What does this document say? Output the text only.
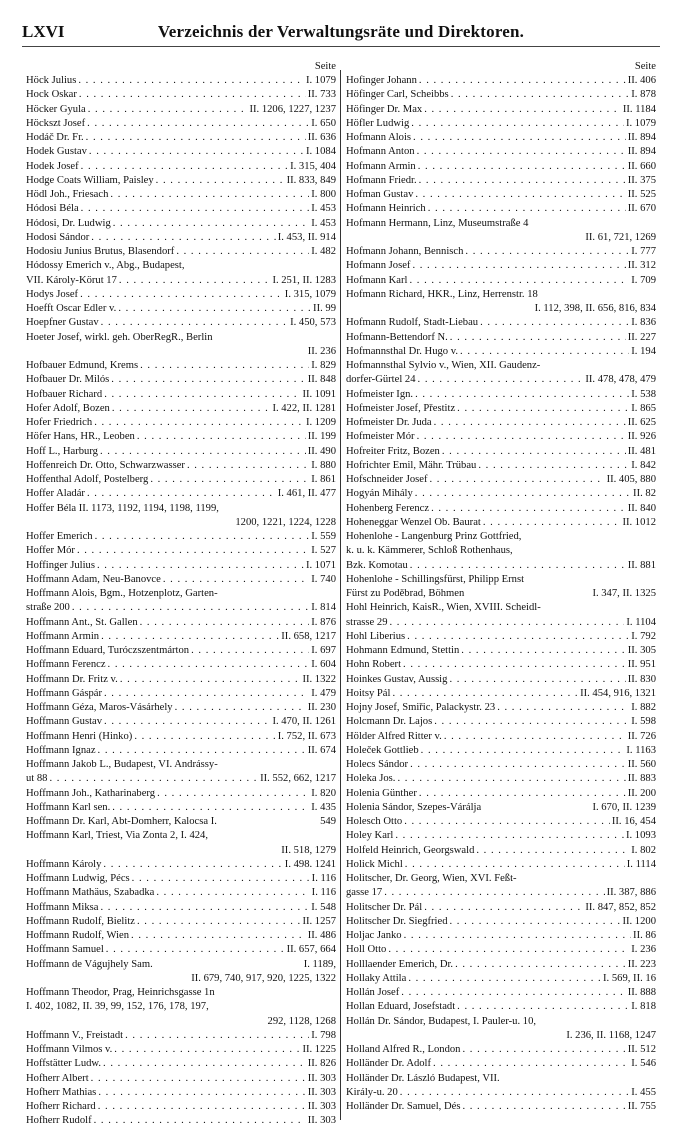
LXVI	Verzeichnis der Verwaltungsräte und Direktoren.
Seite
Höck Julius . . .	I. 1079
Hock Oskar . . .	II. 733
Höcker Gyula . . .	II. 1206, 1227, 1237
Höckszt Josef . . .	I. 650
Hodáč Dr. Fr. . . .	II. 636
Hodek Gustav . . .	I. 1084
Hodek Josef . . .	I. 315, 404
Hodge Coats William, Paisley . . .	II. 833, 849
Hödl Joh., Friesach . . .	I. 800
Hódosi Béla . . .	I. 453
Hódosi, Dr. Ludwig . . .	I. 453
Hodosi Sándor . . .	I. 453, II. 914
Hodosiu Junius Brutus, Blasendorf . . .	I. 482
Hódossy Emerich v., Abg., Budapest,
VII. Károly-Körut 17 . . .	I. 251, II. 1283
Hodys Josef . . .	I. 315, 1079
Hoefft Oscar Edler v. . . .	II. 99
Hoepfner Gustav . . .	I. 450, 573
Hoeter Josef, wirkl. geh. OberRegR., Berlin
II. 236
Hofbauer Edmund, Krems . . .	I. 829
Hofbauer Dr. Milós . . .	II. 848
Hofbauer Richard . . .	II. 1091
Hofer Adolf, Bozen . . .	I. 422, II. 1281
Hofer Friedrich . . .	I. 1209
Höfer Hans, HR., Leoben . . .	II. 199
Hoff L., Harburg . . .	II. 490
Hoffenreich Dr. Otto, Schwarzwasser . . .	I. 880
Hoffenthal Adolf, Postelberg . . .	I. 861
Hoffer Aladár . . .	I. 461, II. 477
Hoffer Béla II. 1173, 1192, 1194, 1198, 1199,
1200, 1221, 1224, 1228
Hoffer Emerich . . .	I. 559
Hoffer Mór . . .	I. 527
Hoffinger Julius . . .	I. 1071
Hoffmann Adam, Neu-Banovce . . .	I. 740
Hoffmann Alois, Bgm., Hotzenplotz, Garten-
straße 200 . . .	I. 814
Hoffmann Ant., St. Gallen . . .	I. 876
Hoffmann Armin . . .	II. 658, 1217
Hoffmann Eduard, Turóczszentmárton . . .	I. 697
Hoffmann Ferencz . . .	I. 604
Hoffmann Dr. Fritz v. . . .	II. 1322
Hoffmann Gáspár . . .	I. 479
Hoffmann Géza, Maros-Vásárhely . . .	II. 230
Hoffmann Gustav . . .	I. 470, II. 1261
Hoffmann Henri (Hinko) . . .	I. 752, II. 673
Hoffmann Ignaz . . .	II. 674
Hoffmann Jakob L., Budapest, VI. Andrássy-
ut 88 . . .	II. 552, 662, 1217
Hoffmann Joh., Katharinaberg . . .	I. 820
Hoffmann Karl sen. . . .	I. 435
Hoffmann Dr. Karl, Abt-Domherr, Kalocsa I.	549
Hoffmann Karl, Triest, Via Zonta 2, I. 424,
II. 518, 1279
Hoffmann Károly . . .	I. 498. 1241
Hoffmann Ludwig, Pécs . . .	I. 116
Hoffmann Mathäus, Szabadka . . .	I. 116
Hoffmann Miksa . . .	I. 548
Hoffmann Rudolf, Bielitz . . .	II. 1257
Hoffmann Rudolf, Wien . . .	II. 486
Hoffmann Samuel . . .	II. 657, 664
Hoffmann de Vágujhely Sam.	I. 1189,
II. 679, 740, 917, 920, 1225, 1322
Hoffmann Theodor, Prag, Heinrichsgasse 1n
I. 402, 1082, II. 39, 99, 152, 176, 178, 197,
292, 1128, 1268
Hoffmann V., Freistadt . . .	I. 798
Hoffmann Vilmos v. . . .	II. 1225
Hoffstätter Ludw. . . .	II. 826
Hofherr Albert . . .	II. 303
Hofherr Mathias . . .	II. 303
Hofherr Richard . . .	II. 303
Hofherr Rudolf . . .	II. 303
Seite
Hofinger Johann . . .	II. 406
Höfinger Carl, Scheibbs . . .	I. 878
Höfinger Dr. Max . . .	II. 1184
Höfler Ludwig . . .	I. 1079
Hofmann Alois . . .	II. 894
Hofmann Anton . . .	II. 894
Hofmann Armin . . .	II. 660
Hofmann Friedr. . . .	II. 375
Hofman Gustav . . .	II. 525
Hofmann Heinrich . . .	II. 670
Hofmann Hermann, Linz, Museumstraße 4
II. 61, 721, 1269
Hofmann Johann, Bennisch . . .	I. 777
Hofmann Josef . . .	II. 312
Hofmann Karl . . .	I. 709
Hofmann Richard, HKR., Linz, Herrenstr. 18
I. 112, 398, II. 656, 816, 834
Hofmann Rudolf, Stadt-Liebau . . .	I. 836
Hofmann-Bettendorf N. . . .	II. 227
Hofmannsthal Dr. Hugo v. . . .	I. 194
Hofmannsthal Sylvio v., Wien, XII. Gaudenz-
dorfer-Gürtel 24 . . .	II. 478, 478, 479
Hofmeister Ign. . . .	I. 538
Hofmeister Josef, Přestitz . . .	I. 865
Hofmeister Dr. Juda . . .	II. 625
Hofmeister Mór . . .	II. 926
Hofreiter Fritz, Bozen . . .	II. 481
Hofrichter Emil, Mähr. Trübau . . .	I. 842
Hofschneider Josef . . .	II. 405, 880
Hogyán Mihály . . .	II. 82
Hohenberg Ferencz . . .	II. 840
Hoheneggar Wenzel Ob. Baurat . . .	II. 1012
Hohenlohe - Langenburg Prinz Gottfried,
k. u. k. Kämmerer, Schloß Rothenhaus,
Bzk. Komotau . . .	II. 881
Hohenlohe - Schillingsfürst, Philipp Ernst
Fürst zu Poděbrad, Böhmen	I. 347, II. 1325
Hohl Heinrich, KaisR., Wien, XVIII. Scheidl-
strasse 29 . . .	I. 1104
Hohl Liberius . . .	I. 792
Hohmann Edmund, Stettin . . .	II. 305
Hohn Robert . . .	II. 951
Hoinkes Gustav, Aussig . . .	II. 830
Hoitsy Pál . . .	II. 454, 916, 1321
Hojny Josef, Smiřic, Palackystr. 23 . . .	I. 882
Holcmann Dr. Lajos . . .	I. 598
Hölder Alfred Ritter v. . . .	II. 726
Holeček Gottlieb . . .	I. 1163
Holecs Sándor . . .	II. 560
Holeka Jos. . . .	II. 883
Holenia Günther . . .	II. 200
Holenia Sándor, Szepes-Várálja	I. 670, II. 1239
Holesch Otto . . .	II. 16, 454
Holey Karl . . .	I. 1093
Holfeld Heinrich, Georgswald . . .	I. 802
Holick Michl . . .	I. 1114
Holitscher, Dr. Georg, Wien, XVI. Feßt-
gasse 17 . . .	II. 387, 886
Holitscher Dr. Pál . . .	II. 847, 852, 852
Holitscher Dr. Siegfried . . .	II. 1200
Holjac Janko . . .	II. 86
Holl Otto . . .	I. 236
Holllaender Emerich, Dr. . . .	II. 223
Hollaky Attila . . .	I. 569, II. 16
Hollán Josef . . .	II. 888
Hollan Eduard, Josefstadt . . .	I. 818
Hollán Dr. Sándor, Budapest, I. Pauler-u. 10,
I. 236, II. 1168, 1247
Holland Alfred R., London . . .	II. 512
Holländer Dr. Adolf . . .	I. 546
Holländer Dr. László Budapest, VII.
Király-u. 20 . . .	I. 455
Holländer Dr. Samuel, Dés . . .	II. 755
